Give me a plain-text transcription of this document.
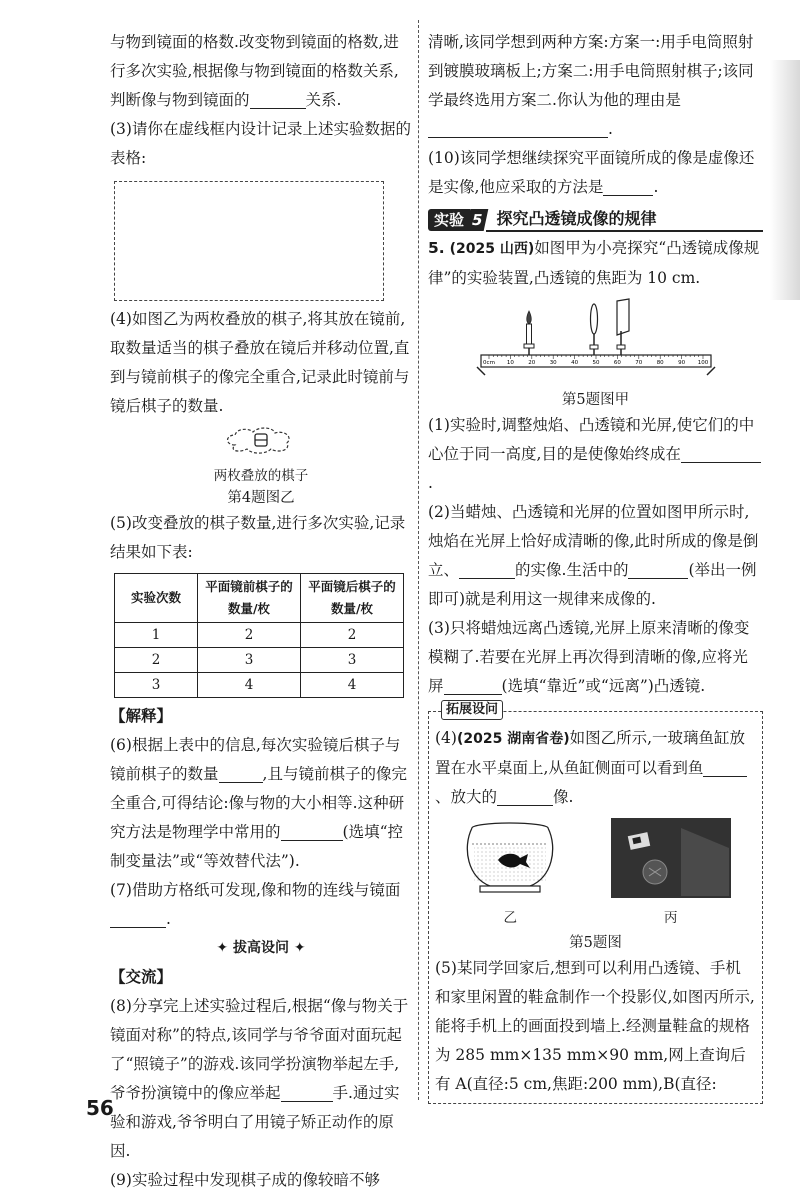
与物到镜面的格数.改变物到镜面的格数,进行多次实验,根据像与物到镜面的格数关系,判断像与物到镜面的	关系.

(3)请你在虚线框内设计记录上述实验数据的表格:

(4)如图乙为两枚叠放的棋子,将其放在镜前,取数量适当的棋子叠放在镜后并移动位置,直到与镜前棋子的像完全重合,记录此时镜前与镜后棋子的数量.

两枚叠放的棋子
第4题图乙

(5)改变叠放的棋子数量,进行多次实验,记录结果如下表:

实验次数	平面镜前棋子的数量/枚	平面镜后棋子的数量/枚
1	2	2
2	3	3
3	4	4

【解释】

(6)根据上表中的信息,每次实验镜后棋子与镜前棋子的数量	,且与镜前棋子的像完全重合,可得结论:像与物的大小相等.这种研究方法是物理学中常用的	(选填“控制变量法”或“等效替代法”).

(7)借助方格纸可发现,像和物的连线与镜面.

✦ 拔高设问 ✦

【交流】

(8)分享完上述实验过程后,根据“像与物关于镜面对称”的特点,该同学与爷爷面对面玩起了“照镜子”的游戏.该同学扮演物举起左手,爷爷扮演镜中的像应举起	手.通过实验和游戏,爷爷明白了用镜子矫正动作的原因.

(9)实验过程中发现棋子成的像较暗不够

清晰,该同学想到两种方案:方案一:用手电筒照射到镀膜玻璃板上;方案二:用手电筒照射棋子;该同学最终选用方案二.你认为他的理由是.

(10)该同学想继续探究平面镜所成的像是虚像还是实像,他应采取的方法是	.

实验 5 探究凸透镜成像的规律

5. (2025 山西)如图甲为小亮探究“凸透镜成像规律”的实验装置,凸透镜的焦距为 10 cm.

0cm 10	20	30	40	50	60	70	80	90 100
第5题图甲

(1)实验时,调整烛焰、凸透镜和光屏,使它们的中心位于同一高度,目的是使像始终成在.

(2)当蜡烛、凸透镜和光屏的位置如图甲所示时,烛焰在光屏上恰好成清晰的像,此时所成的像是倒立、	的实像.生活中的	(举出一例即可)就是利用这一规律来成像的.

(3)只将蜡烛远离凸透镜,光屏上原来清晰的像变模糊了.若要在光屏上再次得到清晰的像,应将光屏	(选填“靠近”或“远离”)凸透镜.

拓展设问

(4)(2025 湖南省卷)如图乙所示,一玻璃鱼缸放置在水平桌面上,从鱼缸侧面可以看到鱼、放大的	像.

乙	丙
第5题图

(5)某同学回家后,想到可以利用凸透镜、手机和家里闲置的鞋盒制作一个投影仪,如图丙所示,能将手机上的画面投到墙上.经测量鞋盒的规格为 285 mm×135 mm×90 mm,网上查询后有 A(直径:5 cm,焦距:200 mm),B(直径:

56
